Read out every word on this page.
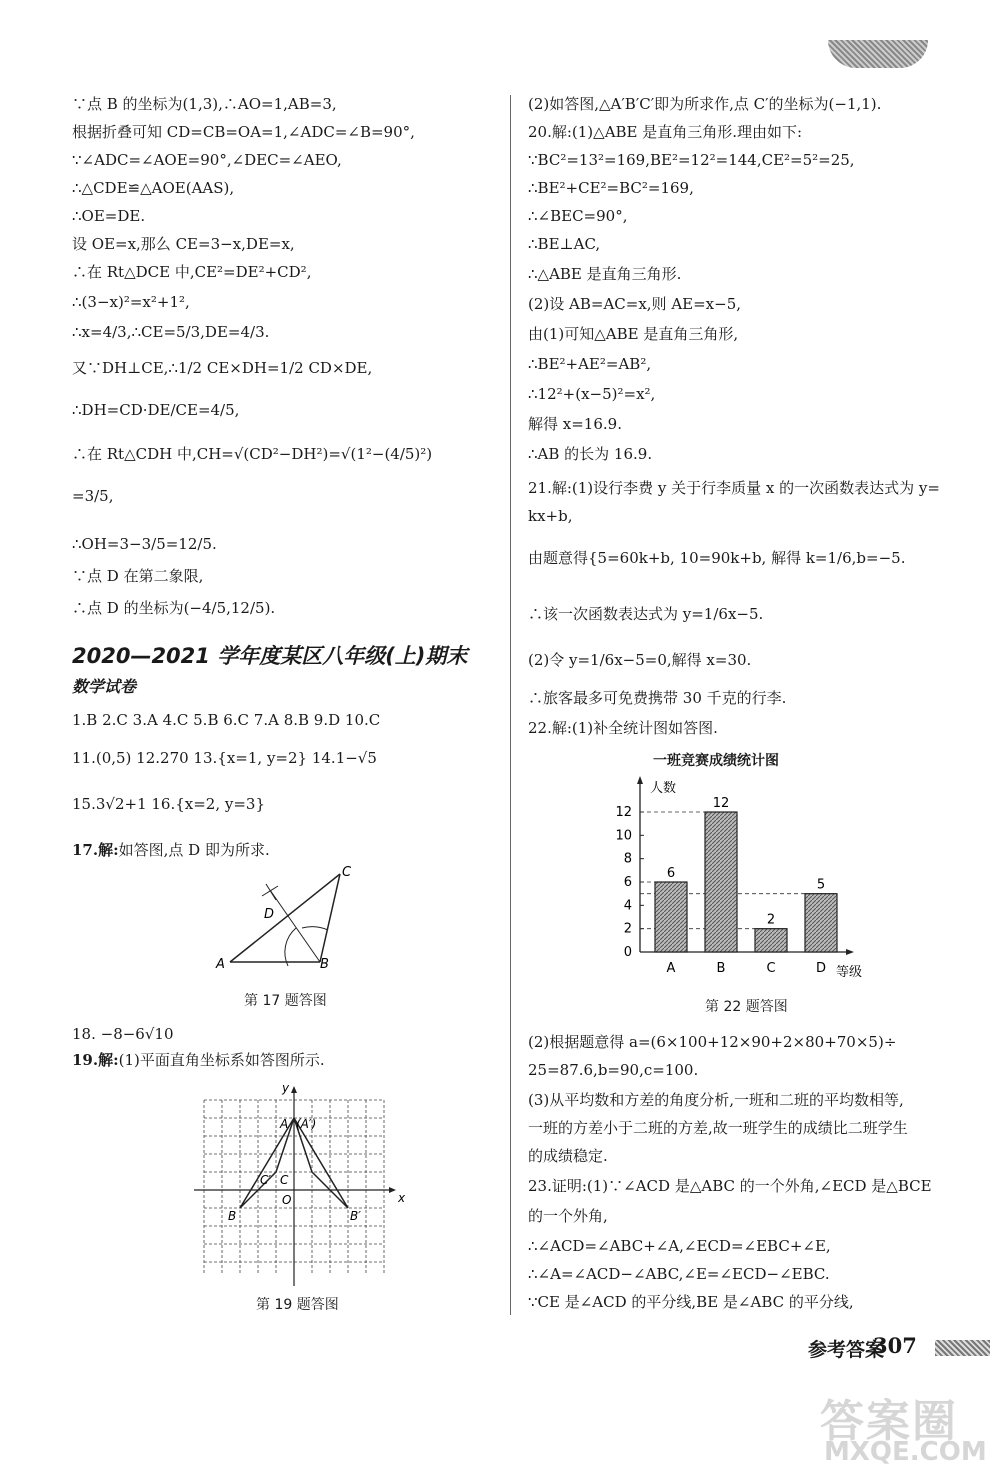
∵点 B 的坐标为(1,3),∴AO=1,AB=3,
根据折叠可知 CD=CB=OA=1,∠ADC=∠B=90°,
∵∠ADC=∠AOE=90°,∠DEC=∠AEO,
∴△CDE≌△AOE(AAS),
∴OE=DE.
设 OE=x,那么 CE=3−x,DE=x,
∴在 Rt△DCE 中,CE²=DE²+CD²,
∴(3−x)²=x²+1²,
∴x=4/3,∴CE=5/3,DE=4/3.
又∵DH⊥CE,∴1/2 CE×DH=1/2 CD×DE,
∴DH=CD·DE/CE=4/5,
∴在 Rt△CDH 中,CH=√(CD²−DH²)=√(1²−(4/5)²)
=3/5,
∴OH=3−3/5=12/5.
∵点 D 在第二象限,
∴点 D 的坐标为(−4/5,12/5).
2020—2021 学年度某区八年级(上)期末
数学试卷
1.B 2.C 3.A 4.C 5.B 6.C 7.A 8.B 9.D 10.C
11.(0,5) 12.270 13.{x=1, y=2} 14.1−√5
15.3√2+1 16.{x=2, y=3}
17.解:如答图,点 D 即为所求.
A	B
C
D
第 17 题答图
18. −8−6√10
19.解:(1)平面直角坐标系如答图所示.
x
y
O
A (A′)
B	B′
C
C′
第 19 题答图
(2)如答图,△A′B′C′即为所求作,点 C′的坐标为(−1,1).
20.解:(1)△ABE 是直角三角形.理由如下:
∵BC²=13²=169,BE²=12²=144,CE²=5²=25,
∴BE²+CE²=BC²=169,
∴∠BEC=90°,
∴BE⊥AC,
∴△ABE 是直角三角形.
(2)设 AB=AC=x,则 AE=x−5,
由(1)可知△ABE 是直角三角形,
∴BE²+AE²=AB²,
∴12²+(x−5)²=x²,
解得 x=16.9.
∴AB 的长为 16.9.
21.解:(1)设行李费 y 关于行李质量 x 的一次函数表达式为 y=
kx+b,
由题意得{5=60k+b, 10=90k+b, 解得 k=1/6,b=−5.
∴该一次函数表达式为 y=1/6x−5.
(2)令 y=1/6x−5=0,解得 x=30.
∴旅客最多可免费携带 30 千克的行李.
22.解:(1)补全统计图如答图.
一班竞赛成绩统计图
0
2
4
6
8
10
12
6
A
12
B
2
C
5
D
人数
等级
第 22 题答图
(2)根据题意得 a=(6×100+12×90+2×80+70×5)÷
25=87.6,b=90,c=100.
(3)从平均数和方差的角度分析,一班和二班的平均数相等,
一班的方差小于二班的方差,故一班学生的成绩比二班学生
的成绩稳定.
23.证明:(1)∵∠ACD 是△ABC 的一个外角,∠ECD 是△BCE
的一个外角,
∴∠ACD=∠ABC+∠A,∠ECD=∠EBC+∠E,
∴∠A=∠ACD−∠ABC,∠E=∠ECD−∠EBC.
∵CE 是∠ACD 的平分线,BE 是∠ABC 的平分线,
参考答案
307
答案圈
MXQE.COM
